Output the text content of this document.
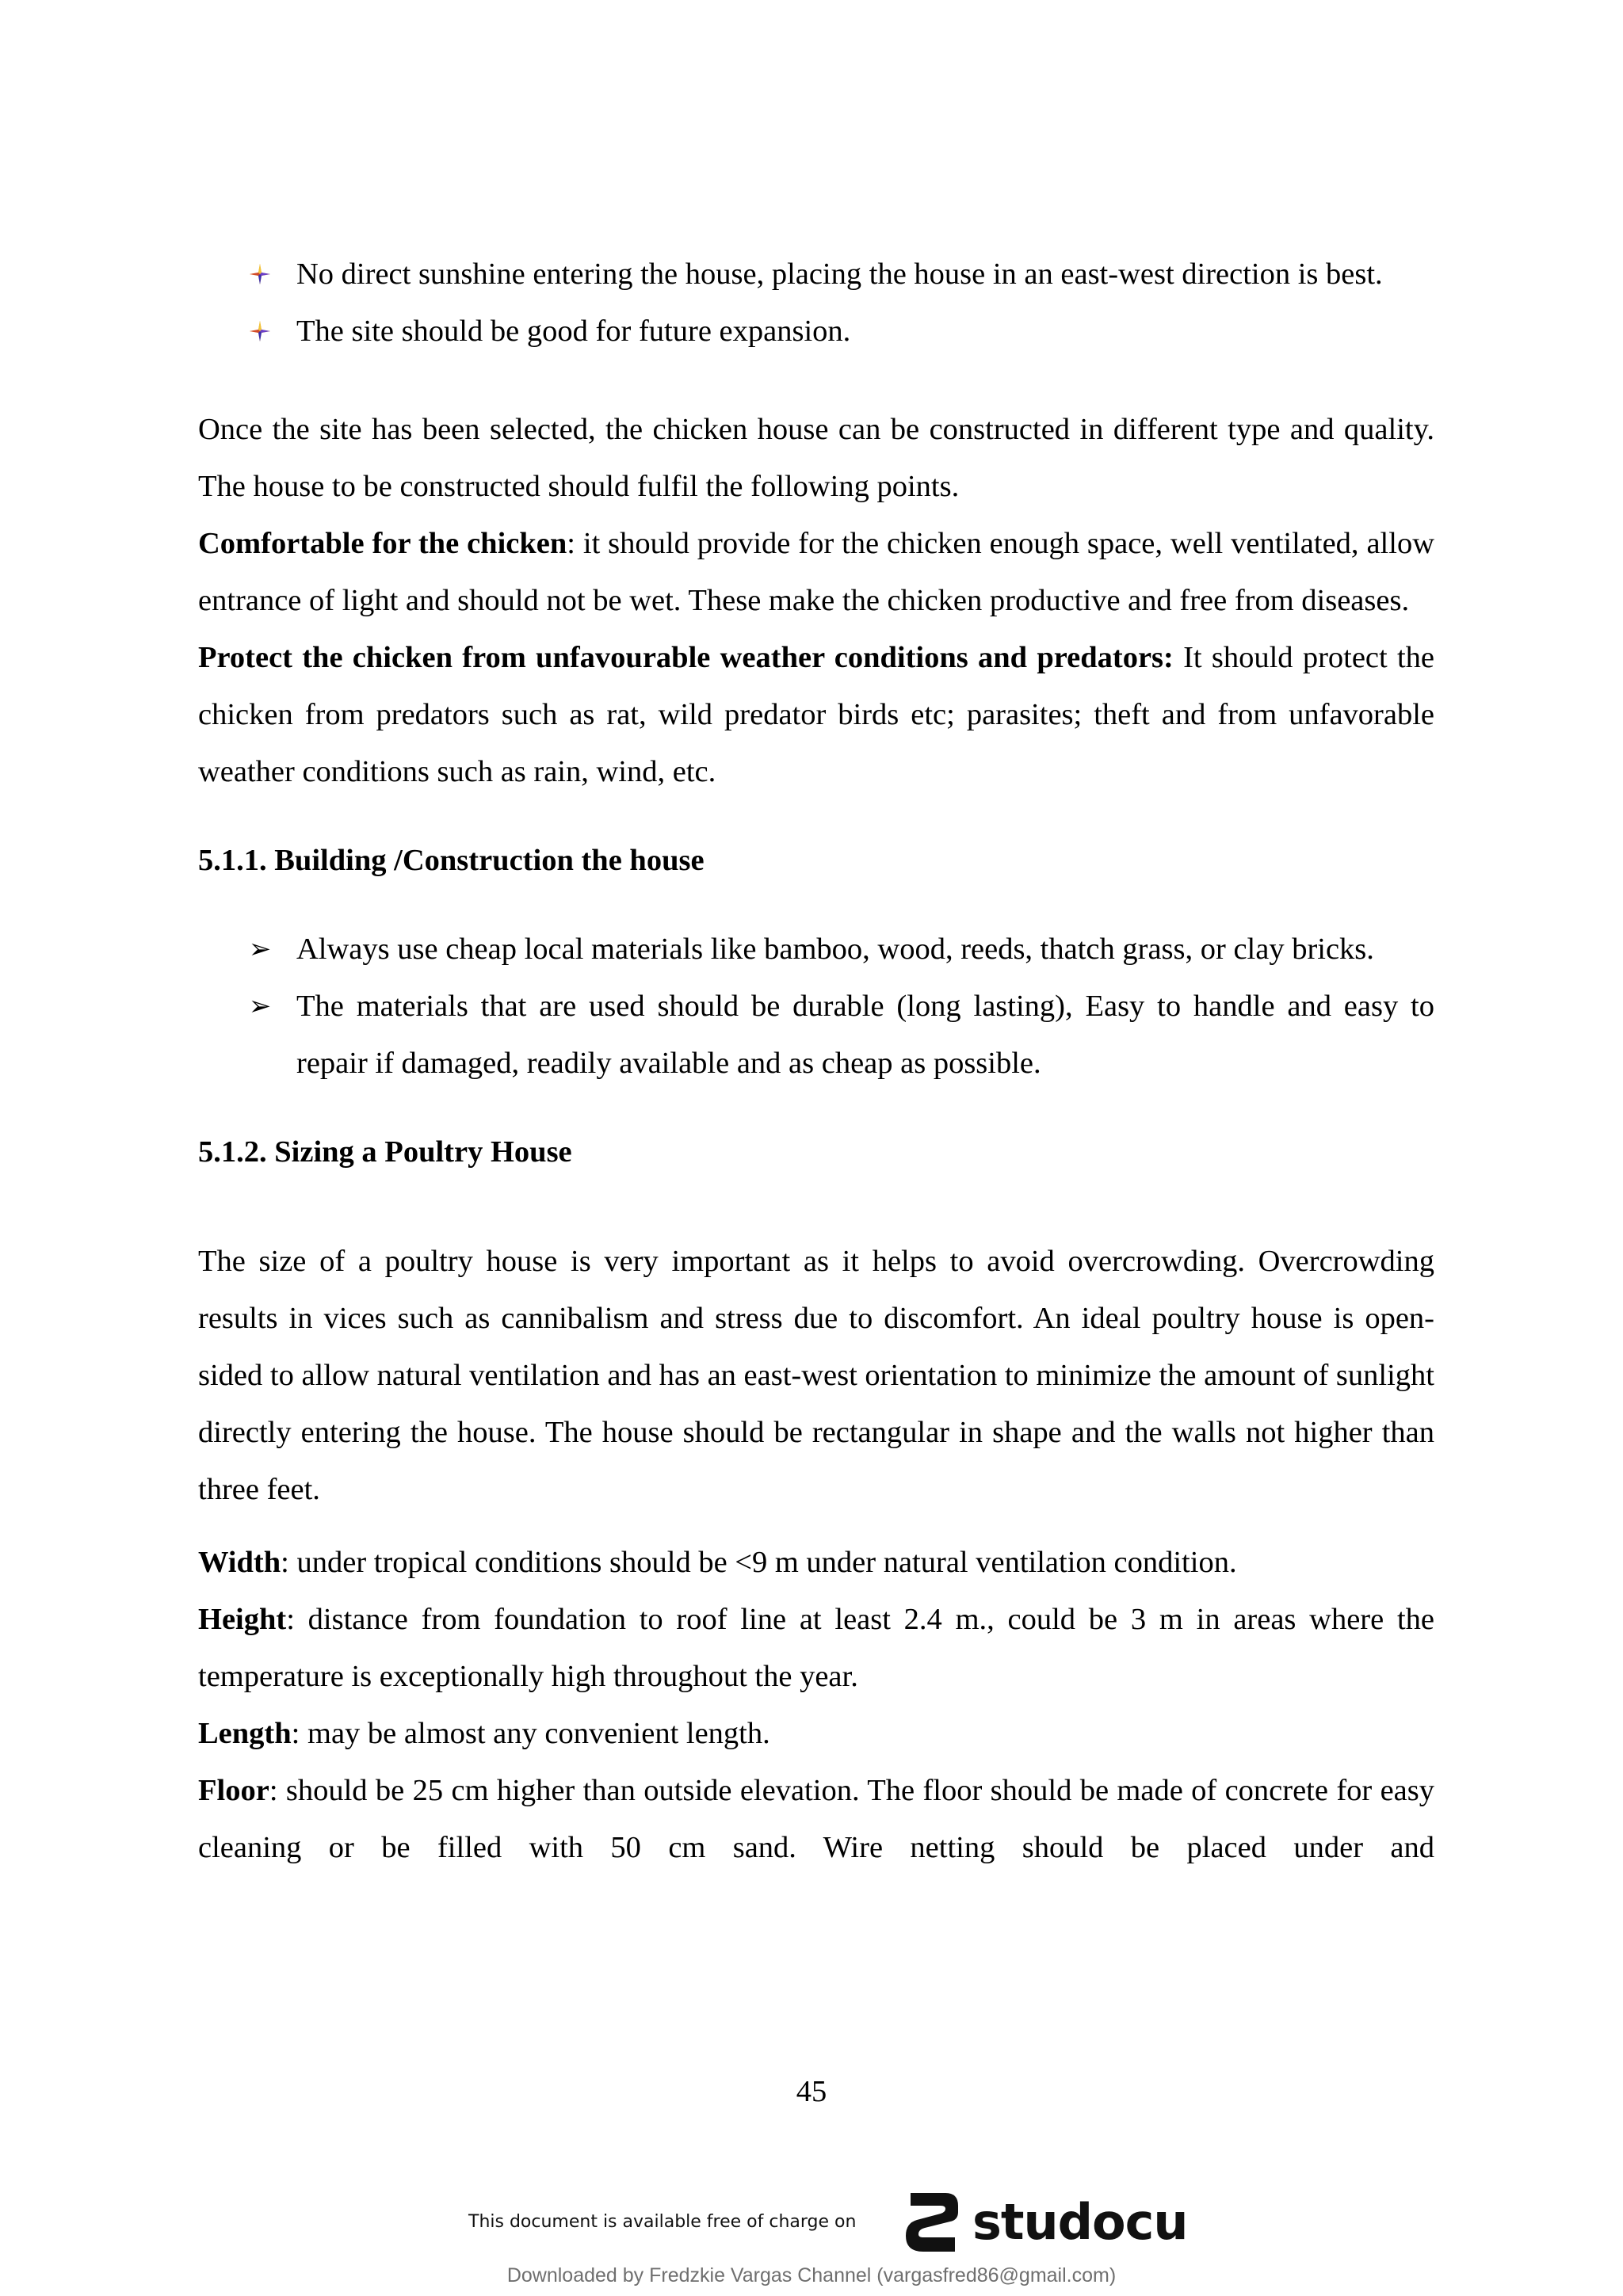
No direct sunshine entering the house, placing the house in an east-west direction is best.

The site should be good for future expansion.

Once the site has been selected, the chicken house can be constructed in different type and quality. The house to be constructed should fulfil the following points.

Comfortable for the chicken: it should provide for the chicken enough space, well ventilated, allow entrance of light and should not be wet. These make the chicken productive and free from diseases.

Protect the chicken from unfavourable weather conditions and predators: It should protect the chicken from predators such as rat, wild predator birds etc; parasites; theft and from unfavorable weather conditions such as rain, wind, etc.

5.1.1. Building /Construction the house

➢ Always use cheap local materials like bamboo, wood, reeds, thatch grass, or clay bricks.

➢ The materials that are used should be durable (long lasting), Easy to handle and easy to repair if damaged, readily available and as cheap as possible.

5.1.2. Sizing a Poultry House

The size of a poultry house is very important as it helps to avoid overcrowding. Overcrowding results in vices such as cannibalism and stress due to discomfort. An ideal poultry house is open-sided to allow natural ventilation and has an east-west orientation to minimize the amount of sunlight directly entering the house. The house should be rectangular in shape and the walls not higher than three feet.

Width: under tropical conditions should be <9 m under natural ventilation condition.

Height: distance from foundation to roof line at least 2.4 m., could be 3 m in areas where the temperature is exceptionally high throughout the year.

Length: may be almost any convenient length.

Floor: should be 25 cm higher than outside elevation. The floor should be made of concrete for easy cleaning or be filled with 50 cm sand. Wire netting should be placed under and

45
This document is available free of charge on studocu
Downloaded by Fredzkie Vargas Channel (vargasfred86@gmail.com)
